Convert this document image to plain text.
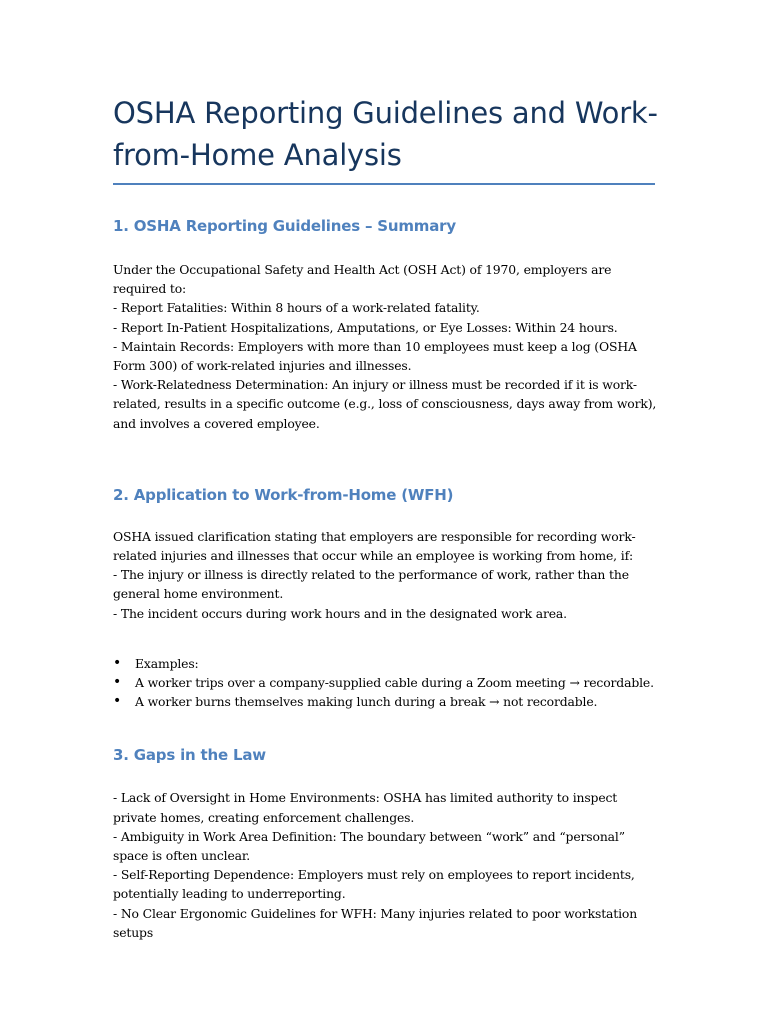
OSHA Reporting Guidelines and Work-from-Home Analysis
1. OSHA Reporting Guidelines – Summary

Under the Occupational Safety and Health Act (OSH Act) of 1970, employers are required to:
- Report Fatalities: Within 8 hours of a work-related fatality.
- Report In-Patient Hospitalizations, Amputations, or Eye Losses: Within 24 hours.
- Maintain Records: Employers with more than 10 employees must keep a log (OSHA Form 300) of work-related injuries and illnesses.
- Work-Relatedness Determination: An injury or illness must be recorded if it is work-related, results in a specific outcome (e.g., loss of consciousness, days away from work), and involves a covered employee.

2. Application to Work-from-Home (WFH)

OSHA issued clarification stating that employers are responsible for recording work-related injuries and illnesses that occur while an employee is working from home, if:
- The injury or illness is directly related to the performance of work, rather than the general home environment.
- The incident occurs during work hours and in the designated work area.

• Examples:
• A worker trips over a company-supplied cable during a Zoom meeting → recordable.
• A worker burns themselves making lunch during a break → not recordable.
3. Gaps in the Law

- Lack of Oversight in Home Environments: OSHA has limited authority to inspect private homes, creating enforcement challenges.
- Ambiguity in Work Area Definition: The boundary between “work” and “personal” space is often unclear.
- Self-Reporting Dependence: Employers must rely on employees to report incidents, potentially leading to underreporting.
- No Clear Ergonomic Guidelines for WFH: Many injuries related to poor workstation setups
